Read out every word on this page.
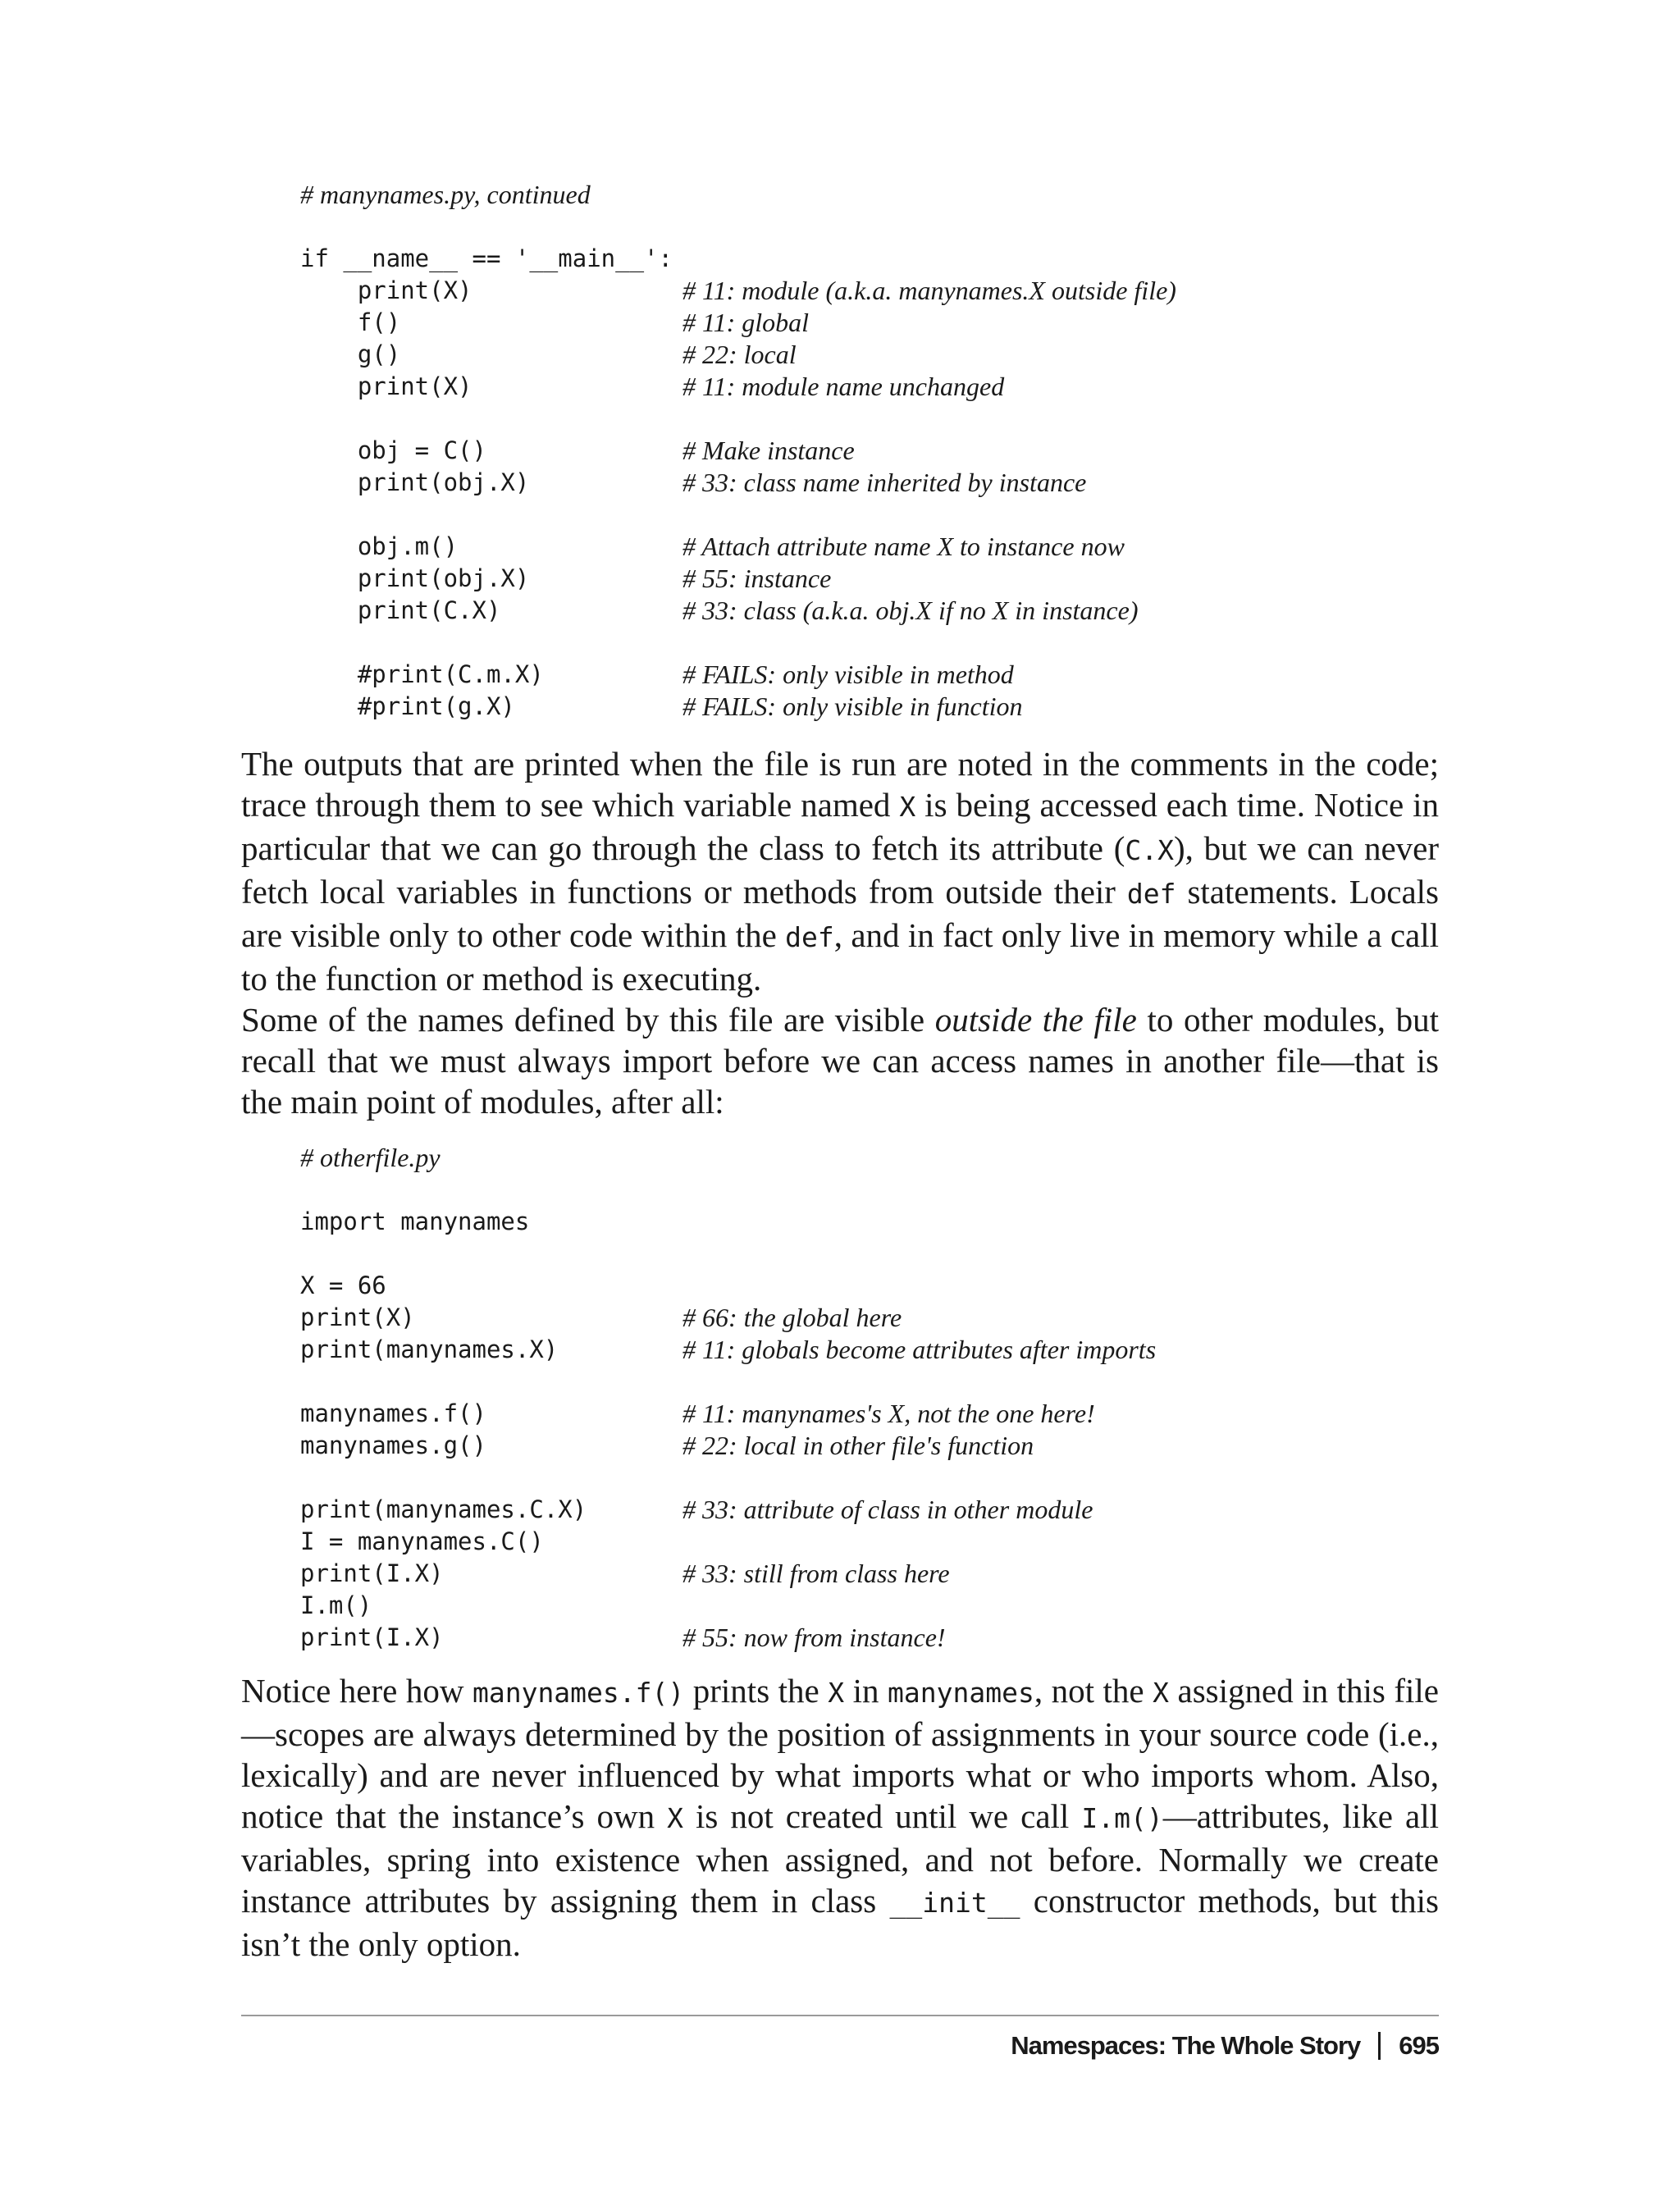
# manynames.py, continued
if __name__ == '__main__':
print(X)	# 11: module (a.k.a. manynames.X outside file)
f()	# 11: global
g()	# 22: local
print(X)	# 11: module name unchanged
obj = C()	# Make instance
print(obj.X)	# 33: class name inherited by instance
obj.m()	# Attach attribute name X to instance now
print(obj.X)	# 55: instance
print(C.X)	# 33: class (a.k.a. obj.X if no X in instance)
#print(C.m.X)	# FAILS: only visible in method
#print(g.X)	# FAILS: only visible in function

The outputs that are printed when the file is run are noted in the comments in the code; trace through them to see which variable named X is being accessed each time. Notice in particular that we can go through the class to fetch its attribute (C.X), but we can never fetch local variables in functions or methods from outside their def statements. Locals are visible only to other code within the def, and in fact only live in memory while a call to the function or method is executing.

Some of the names defined by this file are visible outside the file to other modules, but recall that we must always import before we can access names in another file—that is the main point of modules, after all:

# otherfile.py
import manynames
X = 66
print(X)	# 66: the global here
print(manynames.X)	# 11: globals become attributes after imports
manynames.f()	# 11: manynames's X, not the one here!
manynames.g()	# 22: local in other file's function
print(manynames.C.X)	# 33: attribute of class in other module
I = manynames.C()
print(I.X)	# 33: still from class here
I.m()
print(I.X)	# 55: now from instance!

Notice here how manynames.f() prints the X in manynames, not the X assigned in this file—scopes are always determined by the position of assignments in your source code (i.e., lexically) and are never influenced by what imports what or who imports whom. Also, notice that the instance’s own X is not created until we call I.m()—attributes, like all variables, spring into existence when assigned, and not before. Normally we create instance attributes by assigning them in class __init__ constructor methods, but this isn’t the only option.

Namespaces: The Whole Story 695
